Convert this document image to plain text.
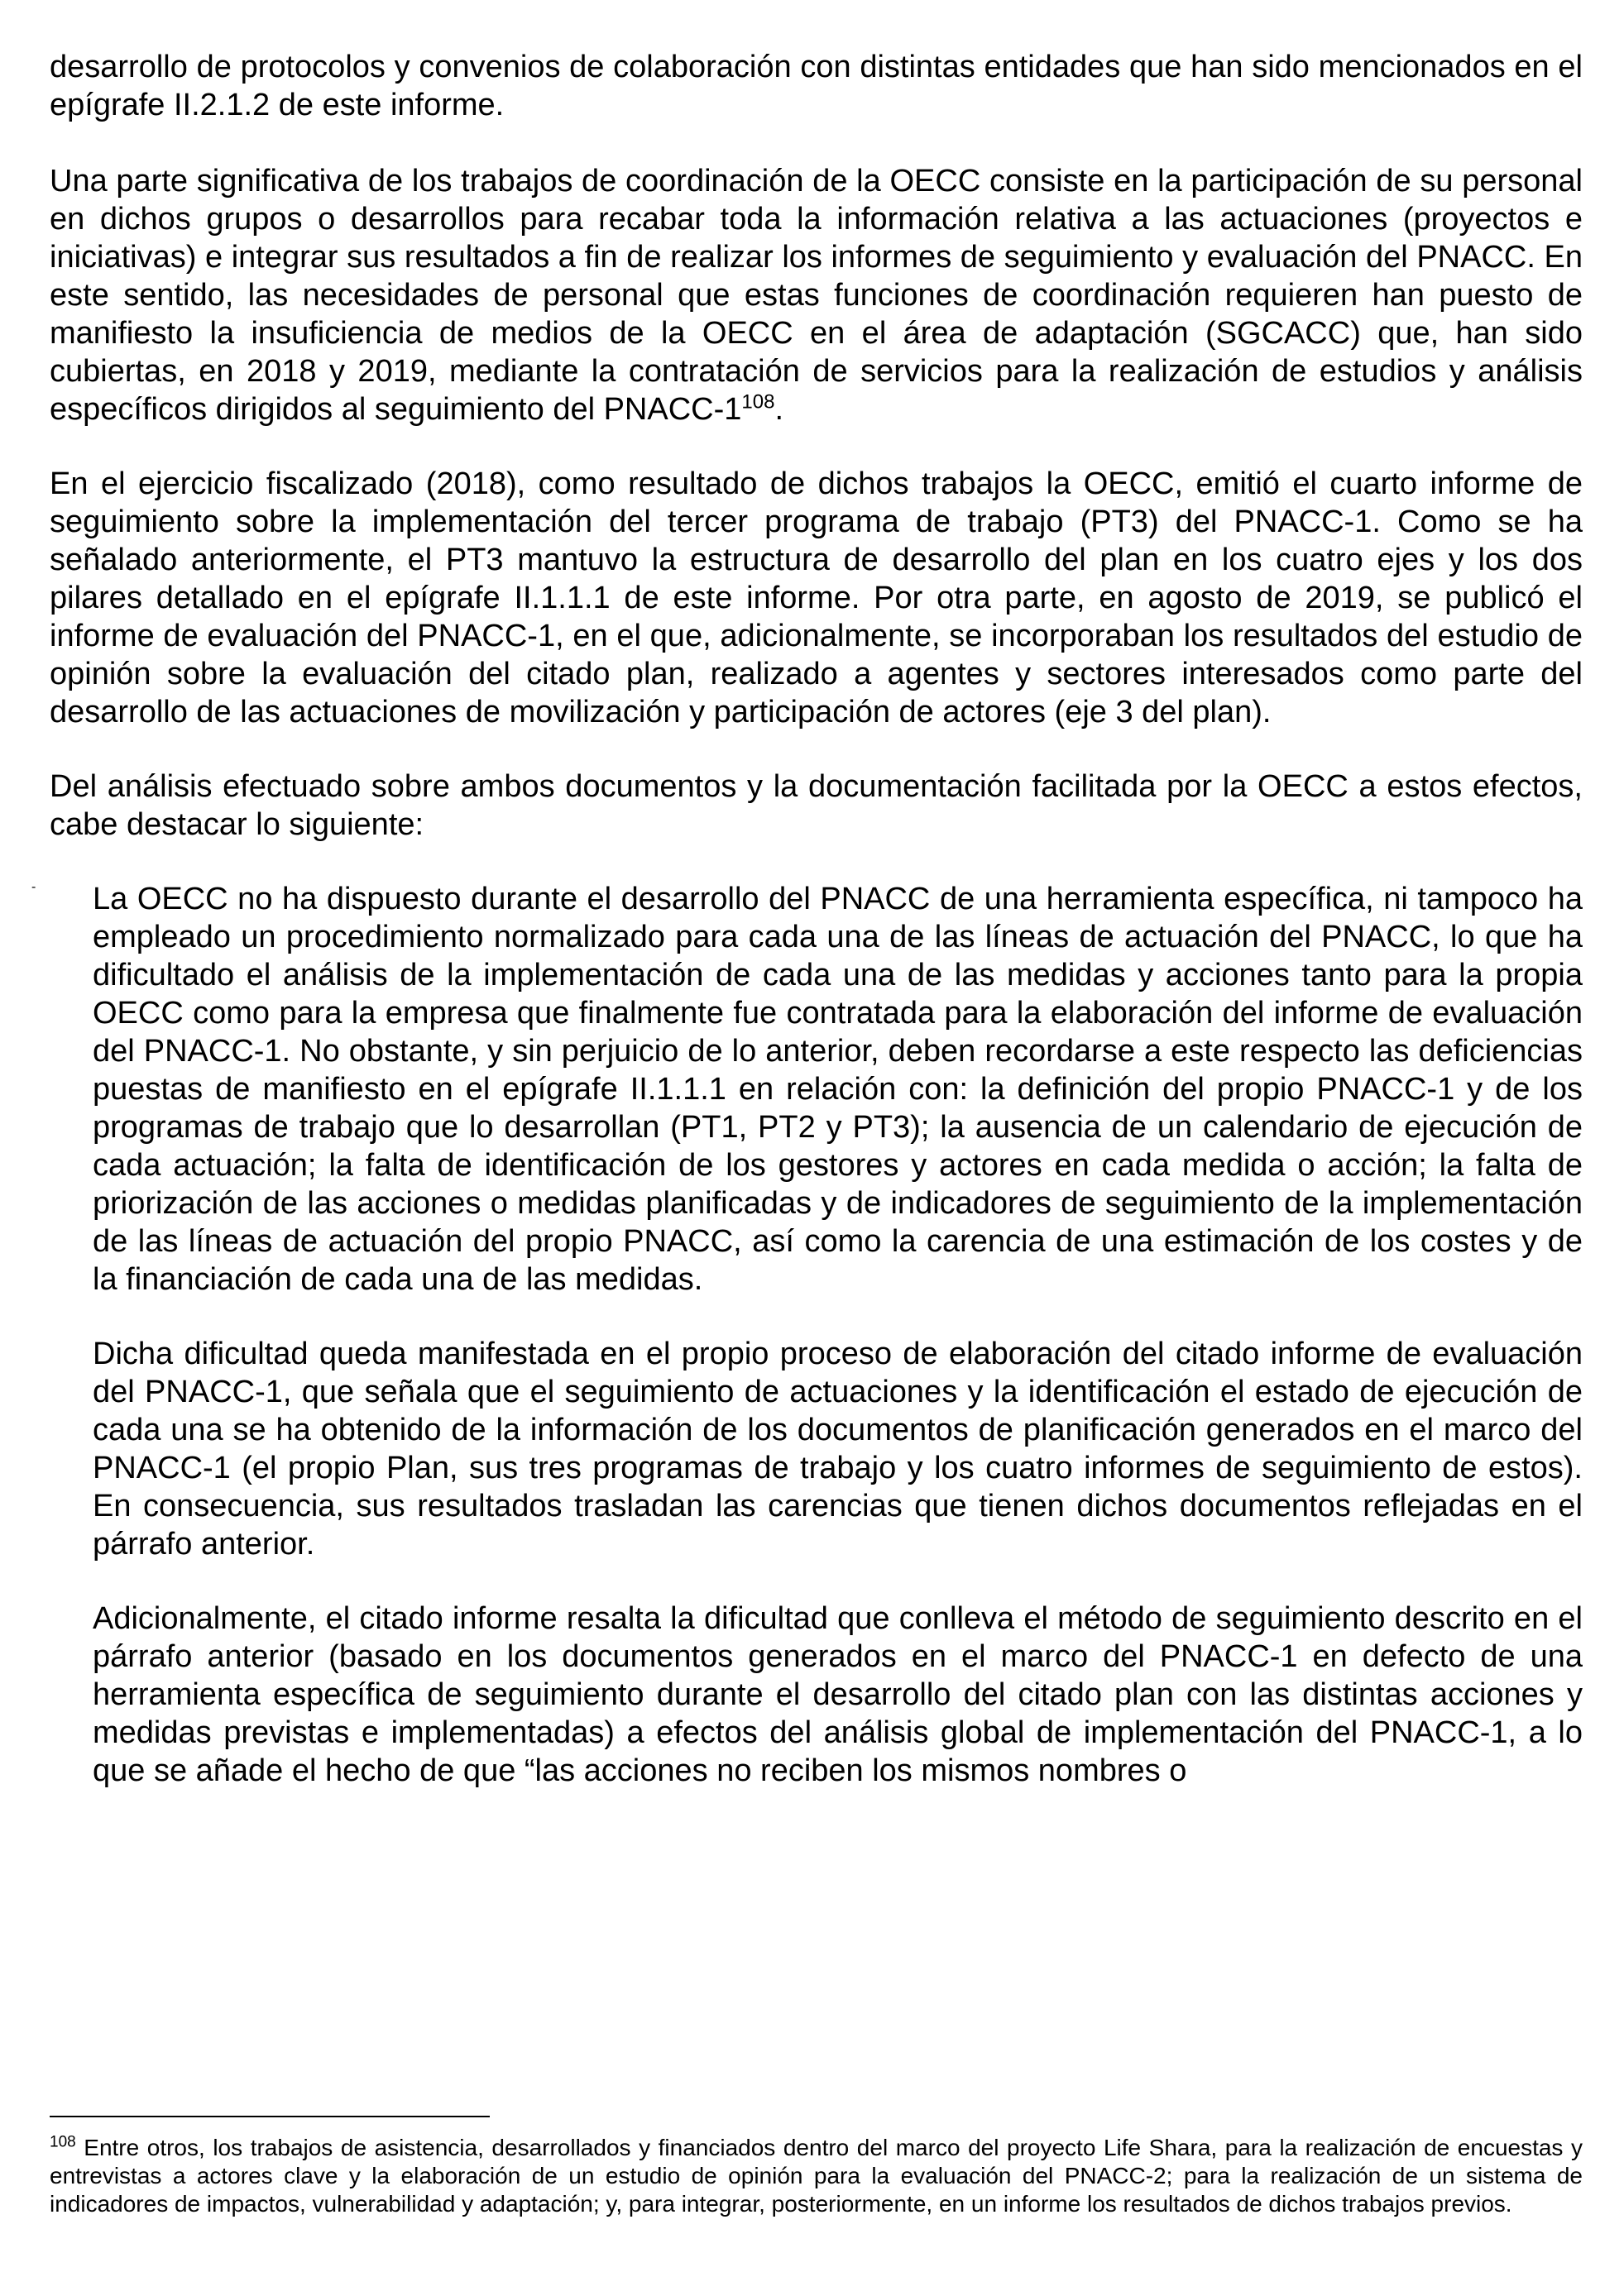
desarrollo de protocolos y convenios de colaboración con distintas entidades que han sido mencionados en el epígrafe II.2.1.2 de este informe.

Una parte significativa de los trabajos de coordinación de la OECC consiste en la participación de su personal en dichos grupos o desarrollos para recabar toda la información relativa a las actuaciones (proyectos e iniciativas) e integrar sus resultados a fin de realizar los informes de seguimiento y evaluación del PNACC. En este sentido, las necesidades de personal que estas funciones de coordinación requieren han puesto de manifiesto la insuficiencia de medios de la OECC en el área de adaptación (SGCACC) que, han sido cubiertas, en 2018 y 2019, mediante la contratación de servicios para la realización de estudios y análisis específicos dirigidos al seguimiento del PNACC-$1^{108}$.

En el ejercicio fiscalizado (2018), como resultado de dichos trabajos la OECC, emitió el cuarto informe de seguimiento sobre la implementación del tercer programa de trabajo (PT3) del PNACC-1. Como se ha señalado anteriormente, el PT3 mantuvo la estructura de desarrollo del plan en los cuatro ejes y los dos pilares detallado en el epígrafe II.1.1.1 de este informe. Por otra parte, en agosto de 2019, se publicó el informe de evaluación del PNACC-1, en el que, adicionalmente, se incorporaban los resultados del estudio de opinión sobre la evaluación del citado plan, realizado a agentes y sectores interesados como parte del desarrollo de las actuaciones de movilización y participación de actores (eje 3 del plan).

Del análisis efectuado sobre ambos documentos y la documentación facilitada por la OECC a estos efectos, cabe destacar lo siguiente:

- La OECC no ha dispuesto durante el desarrollo del PNACC de una herramienta específica, ni tampoco ha empleado un procedimiento normalizado para cada una de las líneas de actuación del PNACC, lo que ha dificultado el análisis de la implementación de cada una de las medidas y acciones tanto para la propia OECC como para la empresa que finalmente fue contratada para la elaboración del informe de evaluación del PNACC-1. No obstante, y sin perjuicio de lo anterior, deben recordarse a este respecto las deficiencias puestas de manifiesto en el epígrafe II.1.1.1 en relación con: la definición del propio PNACC-1 y de los programas de trabajo que lo desarrollan (PT1, PT2 y PT3); la ausencia de un calendario de ejecución de cada actuación; la falta de identificación de los gestores y actores en cada medida o acción; la falta de priorización de las acciones o medidas planificadas y de indicadores de seguimiento de la implementación de las líneas de actuación del propio PNACC, así como la carencia de una estimación de los costes y de la financiación de cada una de las medidas.

Dicha dificultad queda manifestada en el propio proceso de elaboración del citado informe de evaluación del PNACC-1, que señala que el seguimiento de actuaciones y la identificación el estado de ejecución de cada una se ha obtenido de la información de los documentos de planificación generados en el marco del PNACC-1 (el propio Plan, sus tres programas de trabajo y los cuatro informes de seguimiento de estos). En consecuencia, sus resultados trasladan las carencias que tienen dichos documentos reflejadas en el párrafo anterior.

Adicionalmente, el citado informe resalta la dificultad que conlleva el método de seguimiento descrito en el párrafo anterior (basado en los documentos generados en el marco del PNACC-1 en defecto de una herramienta específica de seguimiento durante el desarrollo del citado plan con las distintas acciones y medidas previstas e implementadas) a efectos del análisis global de implementación del PNACC-1, a lo que se añade el hecho de que “las acciones no reciben los mismos nombres o

$^{108}$ Entre otros, los trabajos de asistencia, desarrollados y financiados dentro del marco del proyecto Life Shara, para la realización de encuestas y entrevistas a actores clave y la elaboración de un estudio de opinión para la evaluación del PNACC-2; para la realización de un sistema de indicadores de impactos, vulnerabilidad y adaptación; y, para integrar, posteriormente, en un informe los resultados de dichos trabajos previos.
